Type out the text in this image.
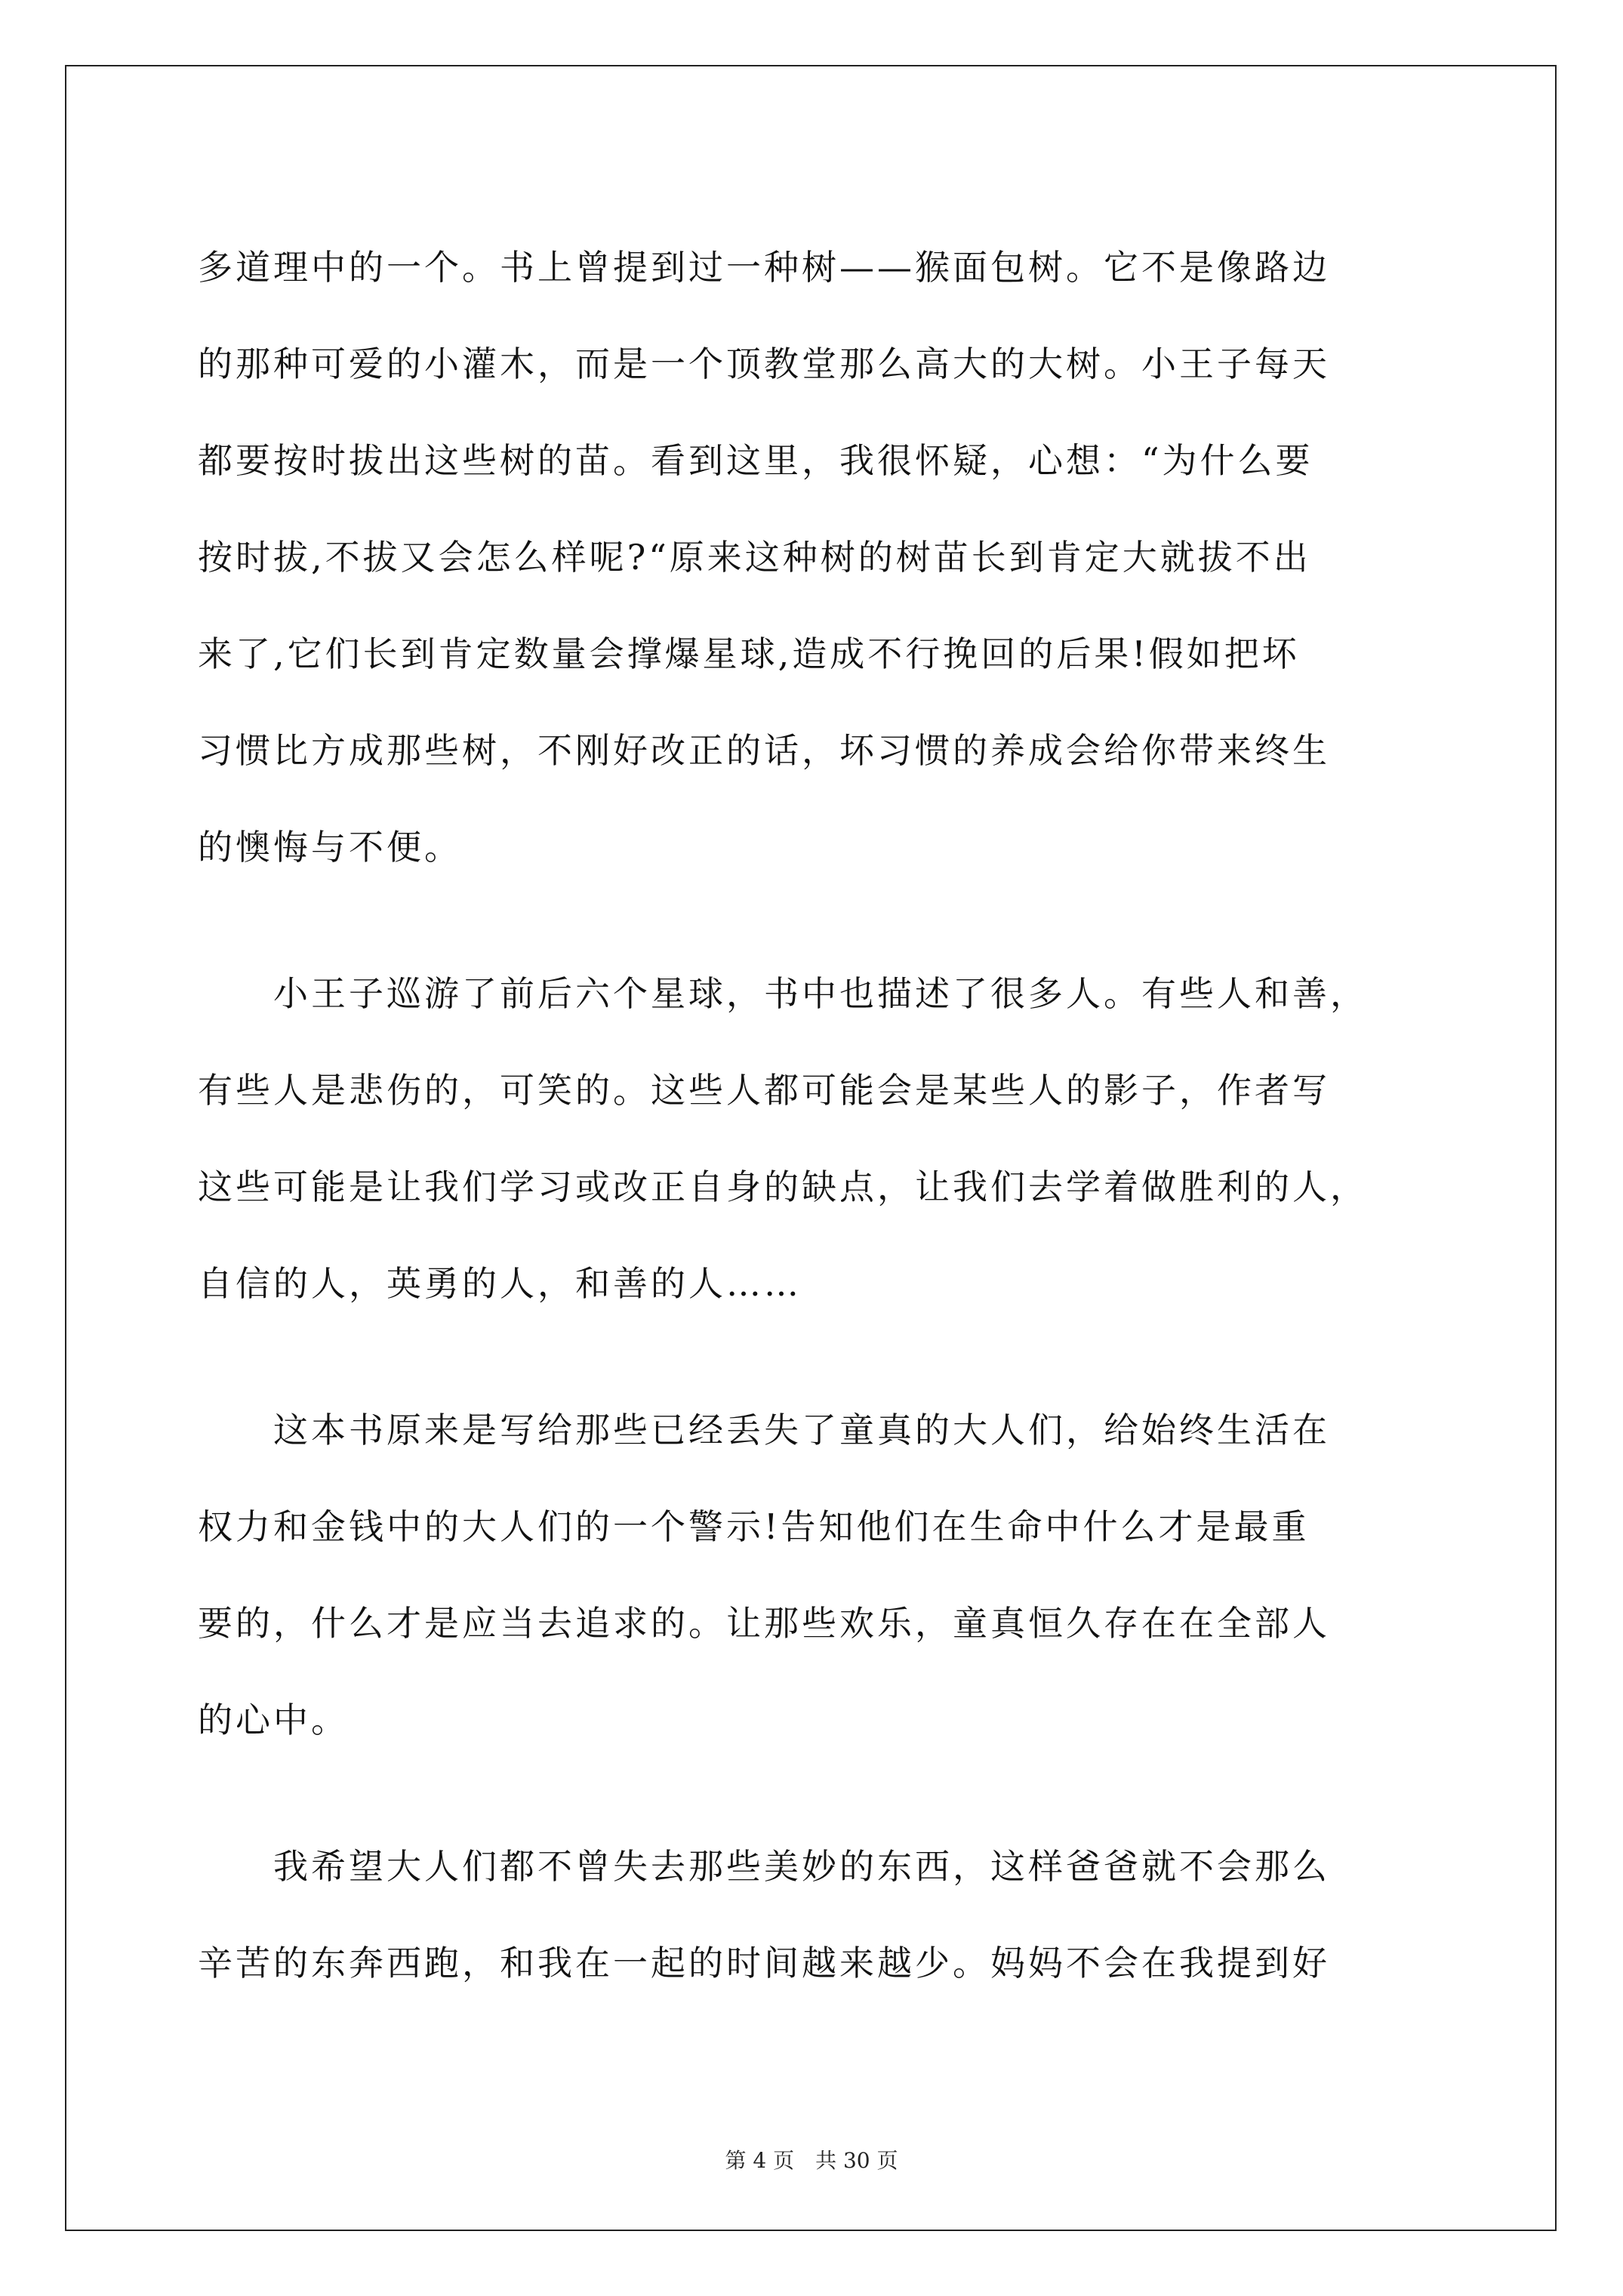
多道理中的一个。书上曾提到过一种树——猴面包树。它不是像路边
的那种可爱的小灌木，而是一个顶教堂那么高大的大树。小王子每天
都要按时拔出这些树的苗。看到这里，我很怀疑，心想：“为什么要
按时拔,不拔又会怎么样呢?“原来这种树的树苗长到肯定大就拔不出
来了,它们长到肯定数量会撑爆星球,造成不行挽回的后果!假如把坏
习惯比方成那些树，不刚好改正的话，坏习惯的养成会给你带来终生
的懊悔与不便。
　　小王子巡游了前后六个星球，书中也描述了很多人。有些人和善，
有些人是悲伤的，可笑的。这些人都可能会是某些人的影子，作者写
这些可能是让我们学习或改正自身的缺点，让我们去学着做胜利的人，
自信的人，英勇的人，和善的人……
　　这本书原来是写给那些已经丢失了童真的大人们，给始终生活在
权力和金钱中的大人们的一个警示!告知他们在生命中什么才是最重
要的，什么才是应当去追求的。让那些欢乐，童真恒久存在在全部人
的心中。
　　我希望大人们都不曾失去那些美妙的东西，这样爸爸就不会那么
辛苦的东奔西跑，和我在一起的时间越来越少。妈妈不会在我提到好
第 4 页　共 30 页
